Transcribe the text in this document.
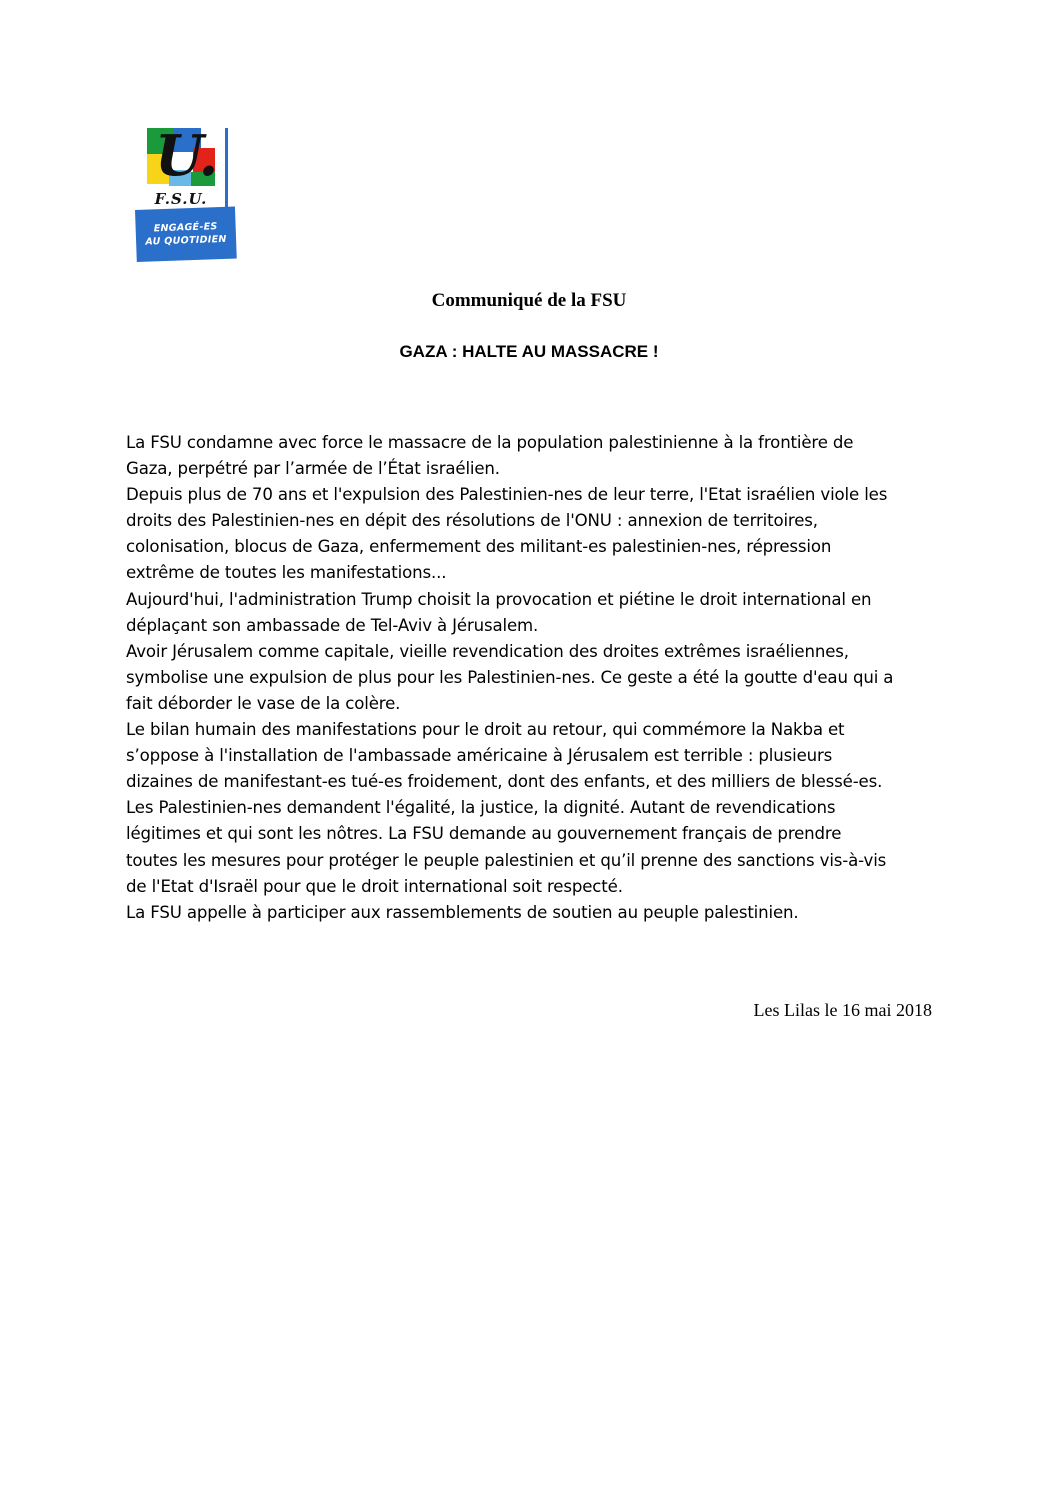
U.
F.S.U.
ENGAGÉ-ES
AU QUOTIDIEN
Communiqué de la FSU
GAZA : HALTE AU MASSACRE !
La FSU condamne avec force le massacre de la population palestinienne à la frontière de
Gaza, perpétré par l’armée de l’État israélien.
Depuis plus de 70 ans et l'expulsion des Palestinien-nes de leur terre, l'Etat israélien viole les
droits des Palestinien-nes en dépit des résolutions de l'ONU : annexion de territoires,
colonisation, blocus de Gaza, enfermement des militant-es palestinien-nes, répression
extrême de toutes les manifestations...
Aujourd'hui, l'administration Trump choisit la provocation et piétine le droit international en
déplaçant son ambassade de Tel-Aviv à Jérusalem.
Avoir Jérusalem comme capitale, vieille revendication des droites extrêmes israéliennes,
symbolise une expulsion de plus pour les Palestinien-nes. Ce geste a été la goutte d'eau qui a
fait déborder le vase de la colère.
Le bilan humain des manifestations pour le droit au retour, qui commémore la Nakba et
s’oppose à l'installation de l'ambassade américaine à Jérusalem est terrible : plusieurs
dizaines de manifestant-es tué-es froidement, dont des enfants, et des milliers de blessé-es.
Les Palestinien-nes demandent l'égalité, la justice, la dignité. Autant de revendications
légitimes et qui sont les nôtres. La FSU demande au gouvernement français de prendre
toutes les mesures pour protéger le peuple palestinien et qu’il prenne des sanctions vis-à-vis
de l'Etat d'Israël pour que le droit international soit respecté.
La FSU appelle à participer aux rassemblements de soutien au peuple palestinien.
Les Lilas le 16 mai 2018
